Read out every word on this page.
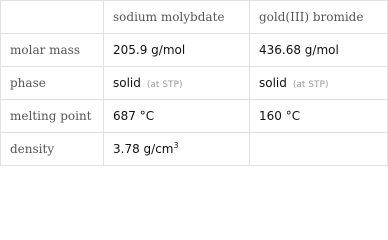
	sodium molybdate	gold(III) bromide
molar mass	205.9 g/mol	436.68 g/mol
phase	solid (at STP)	solid (at STP)
melting point	687 °C	160 °C
density	3.78 $g/cm^3$	
